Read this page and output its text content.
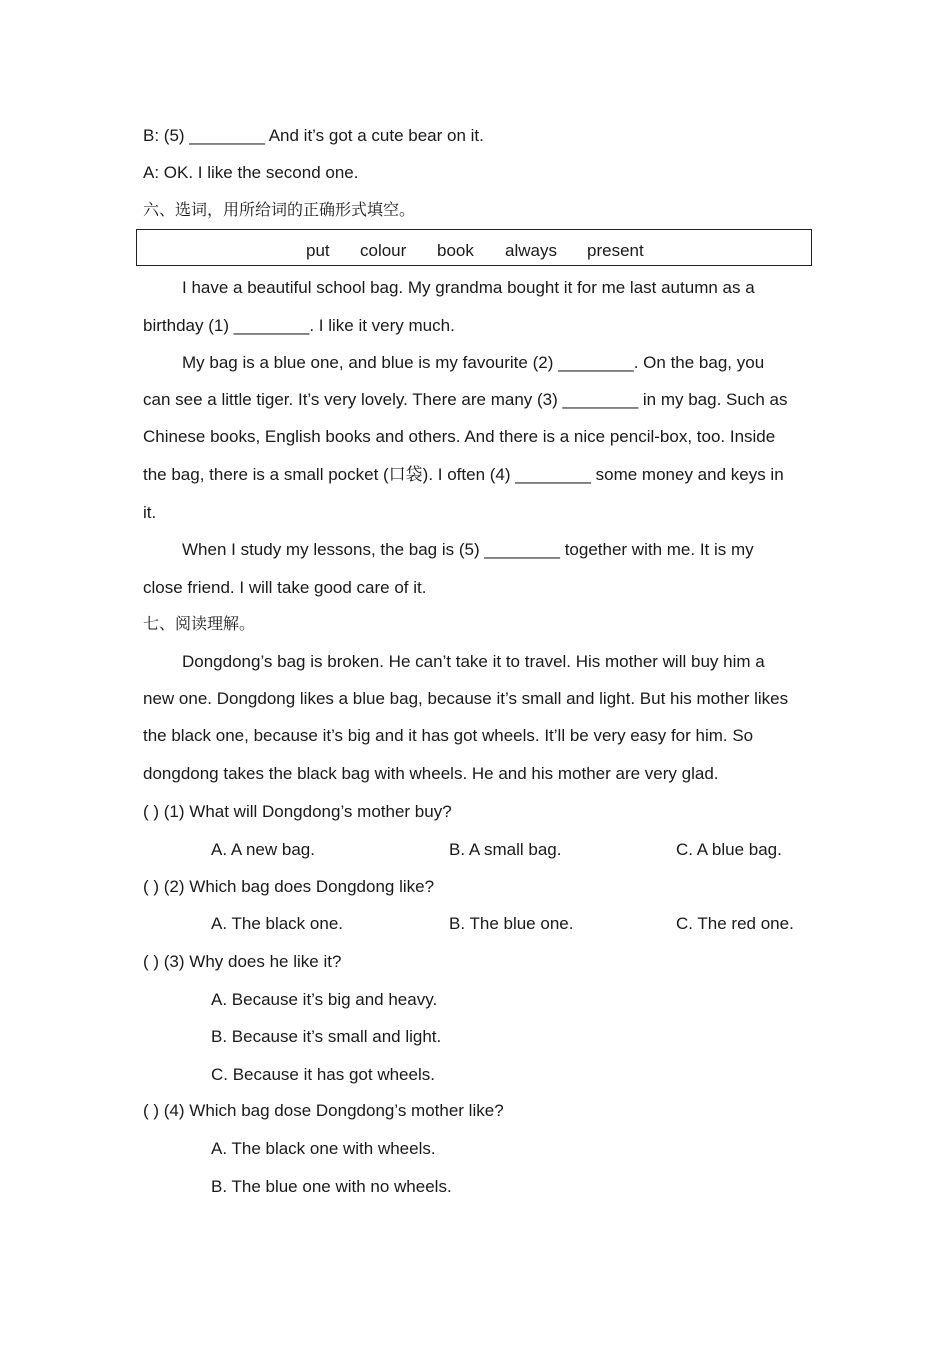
B: (5) ________ And it’s got a cute bear on it.
A: OK. I like the second one.
六、选词，用所给词的正确形式填空。
put colour book always present
I have a beautiful school bag. My grandma bought it for me last autumn as a
birthday (1) ________. I like it very much.
My bag is a blue one, and blue is my favourite (2) ________. On the bag, you
can see a little tiger. It’s very lovely. There are many (3) ________ in my bag. Such as
Chinese books, English books and others. And there is a nice pencil-box, too. Inside
the bag, there is a small pocket (口袋). I often (4) ________ some money and keys in
it.
When I study my lessons, the bag is (5) ________ together with me. It is my
close friend. I will take good care of it.
七、阅读理解。
Dongdong’s bag is broken. He can’t take it to travel. His mother will buy him a
new one. Dongdong likes a blue bag, because it’s small and light. But his mother likes
the black one, because it’s big and it has got wheels. It’ll be very easy for him. So
dongdong takes the black bag with wheels. He and his mother are very glad.
( ) (1) What will Dongdong’s mother buy?
A. A new bag.	B. A small bag.	C. A blue bag.
( ) (2) Which bag does Dongdong like?
A. The black one.	B. The blue one.	C. The red one.
( ) (3) Why does he like it?
A. Because it’s big and heavy.
B. Because it’s small and light.
C. Because it has got wheels.
( ) (4) Which bag dose Dongdong’s mother like?
A. The black one with wheels.
B. The blue one with no wheels.
